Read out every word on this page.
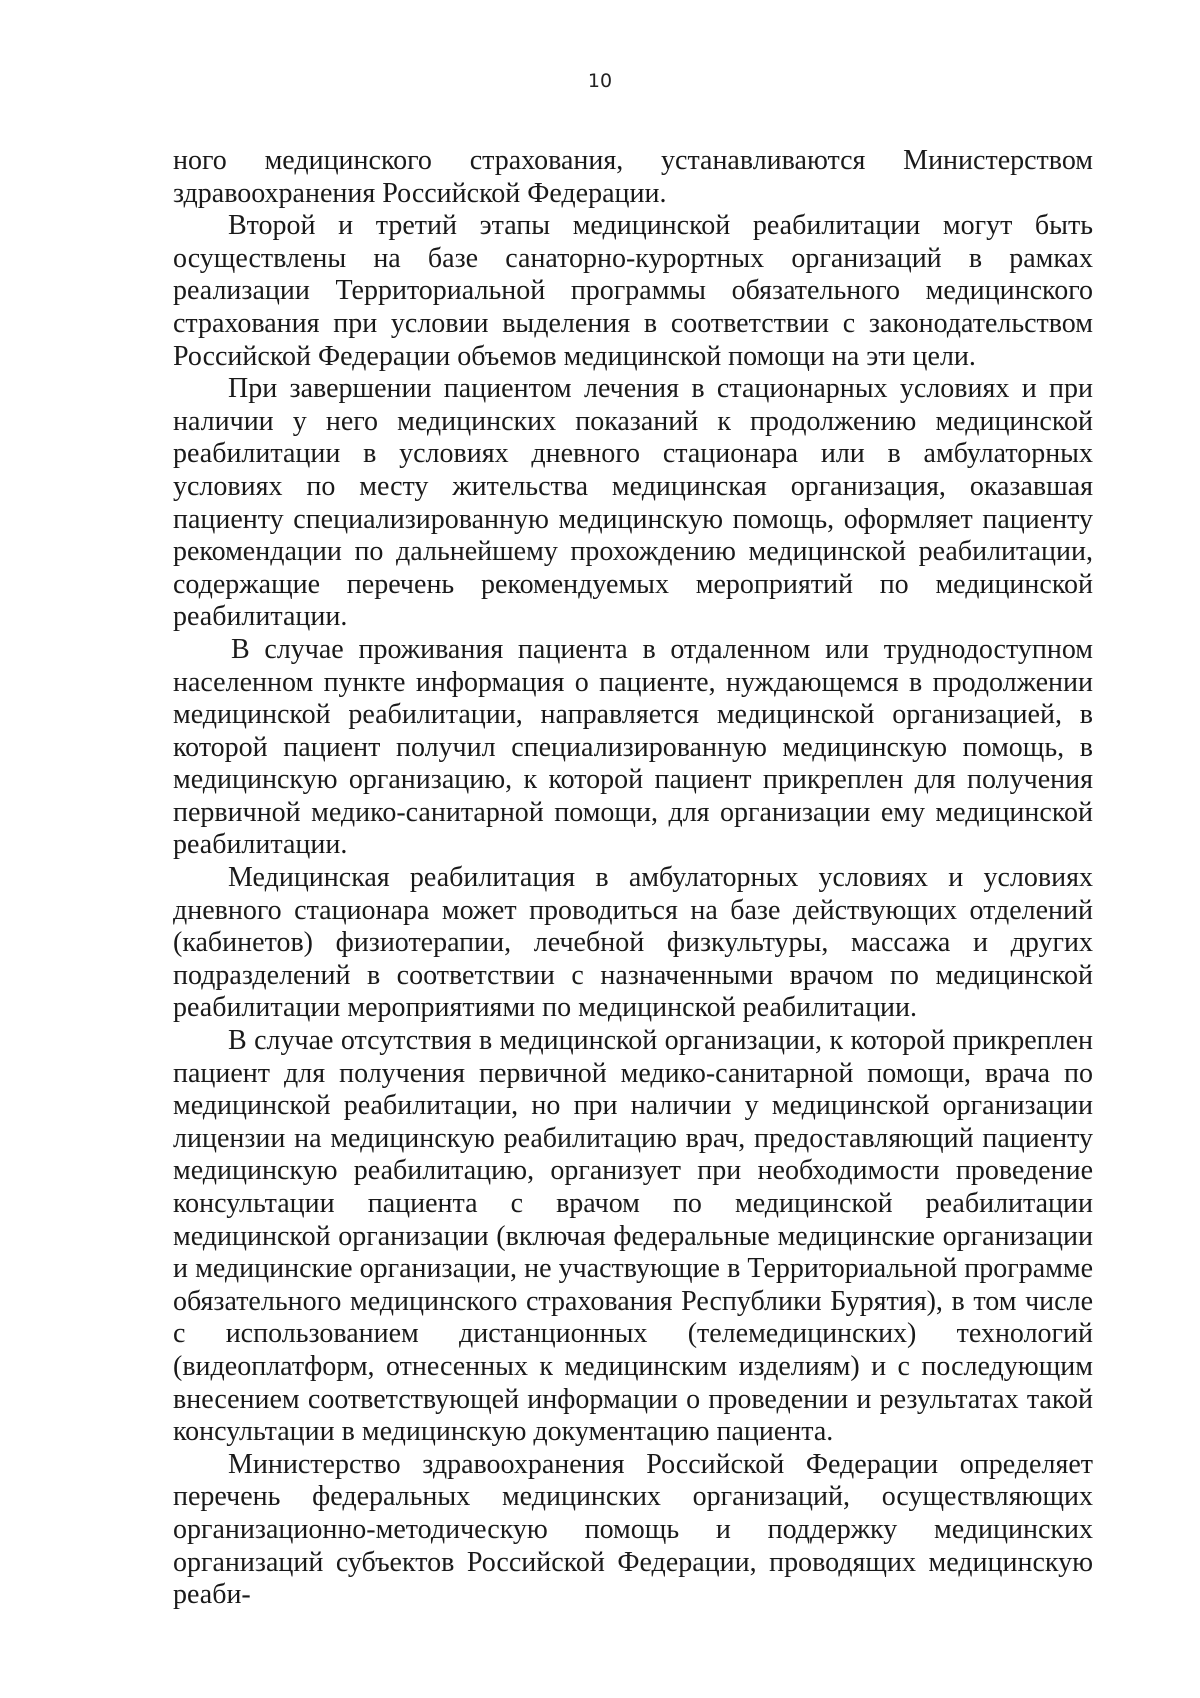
10

ного медицинского страхования, устанавливаются Министерством здравоохранения Российской Федерации.

Второй и третий этапы медицинской реабилитации могут быть осуществлены на базе санаторно-курортных организаций в рамках реализации Территориальной программы обязательного медицинского страхования при условии выделения в соответствии с законодательством Российской Федерации объемов медицинской помощи на эти цели.

При завершении пациентом лечения в стационарных условиях и при наличии у него медицинских показаний к продолжению медицинской реабилитации в условиях дневного стационара или в амбулаторных условиях по месту жительства медицинская организация, оказавшая пациенту специализированную медицинскую помощь, оформляет пациенту рекомендации по дальнейшему прохождению медицинской реабилитации, содержащие перечень рекомендуемых мероприятий по медицинской реабилитации.

В случае проживания пациента в отдаленном или труднодоступном населенном пункте информация о пациенте, нуждающемся в продолжении медицинской реабилитации, направляется медицинской организацией, в которой пациент получил специализированную медицинскую помощь, в медицинскую организацию, к которой пациент прикреплен для получения первичной медико-санитарной помощи, для организации ему медицинской реабилитации.

Медицинская реабилитация в амбулаторных условиях и условиях дневного стационара может проводиться на базе действующих отделений (кабинетов) физиотерапии, лечебной физкультуры, массажа и других подразделений в соответствии с назначенными врачом по медицинской реабилитации мероприятиями по медицинской реабилитации.

В случае отсутствия в медицинской организации, к которой прикреплен пациент для получения первичной медико-санитарной помощи, врача по медицинской реабилитации, но при наличии у медицинской организации лицензии на медицинскую реабилитацию врач, предоставляющий пациенту медицинскую реабилитацию, организует при необходимости проведение консультации пациента с врачом по медицинской реабилитации медицинской организации (включая федеральные медицинские организации и медицинские организации, не участвующие в Территориальной программе обязательного медицинского страхования Республики Бурятия), в том числе с использованием дистанционных (телемедицинских) технологий (видеоплатформ, отнесенных к медицинским изделиям) и с последующим внесением соответствующей информации о проведении и результатах такой консультации в медицинскую документацию пациента.

Министерство здравоохранения Российской Федерации определяет перечень федеральных медицинских организаций, осуществляющих организационно-методическую помощь и поддержку медицинских организаций субъектов Российской Федерации, проводящих медицинскую реаби-
